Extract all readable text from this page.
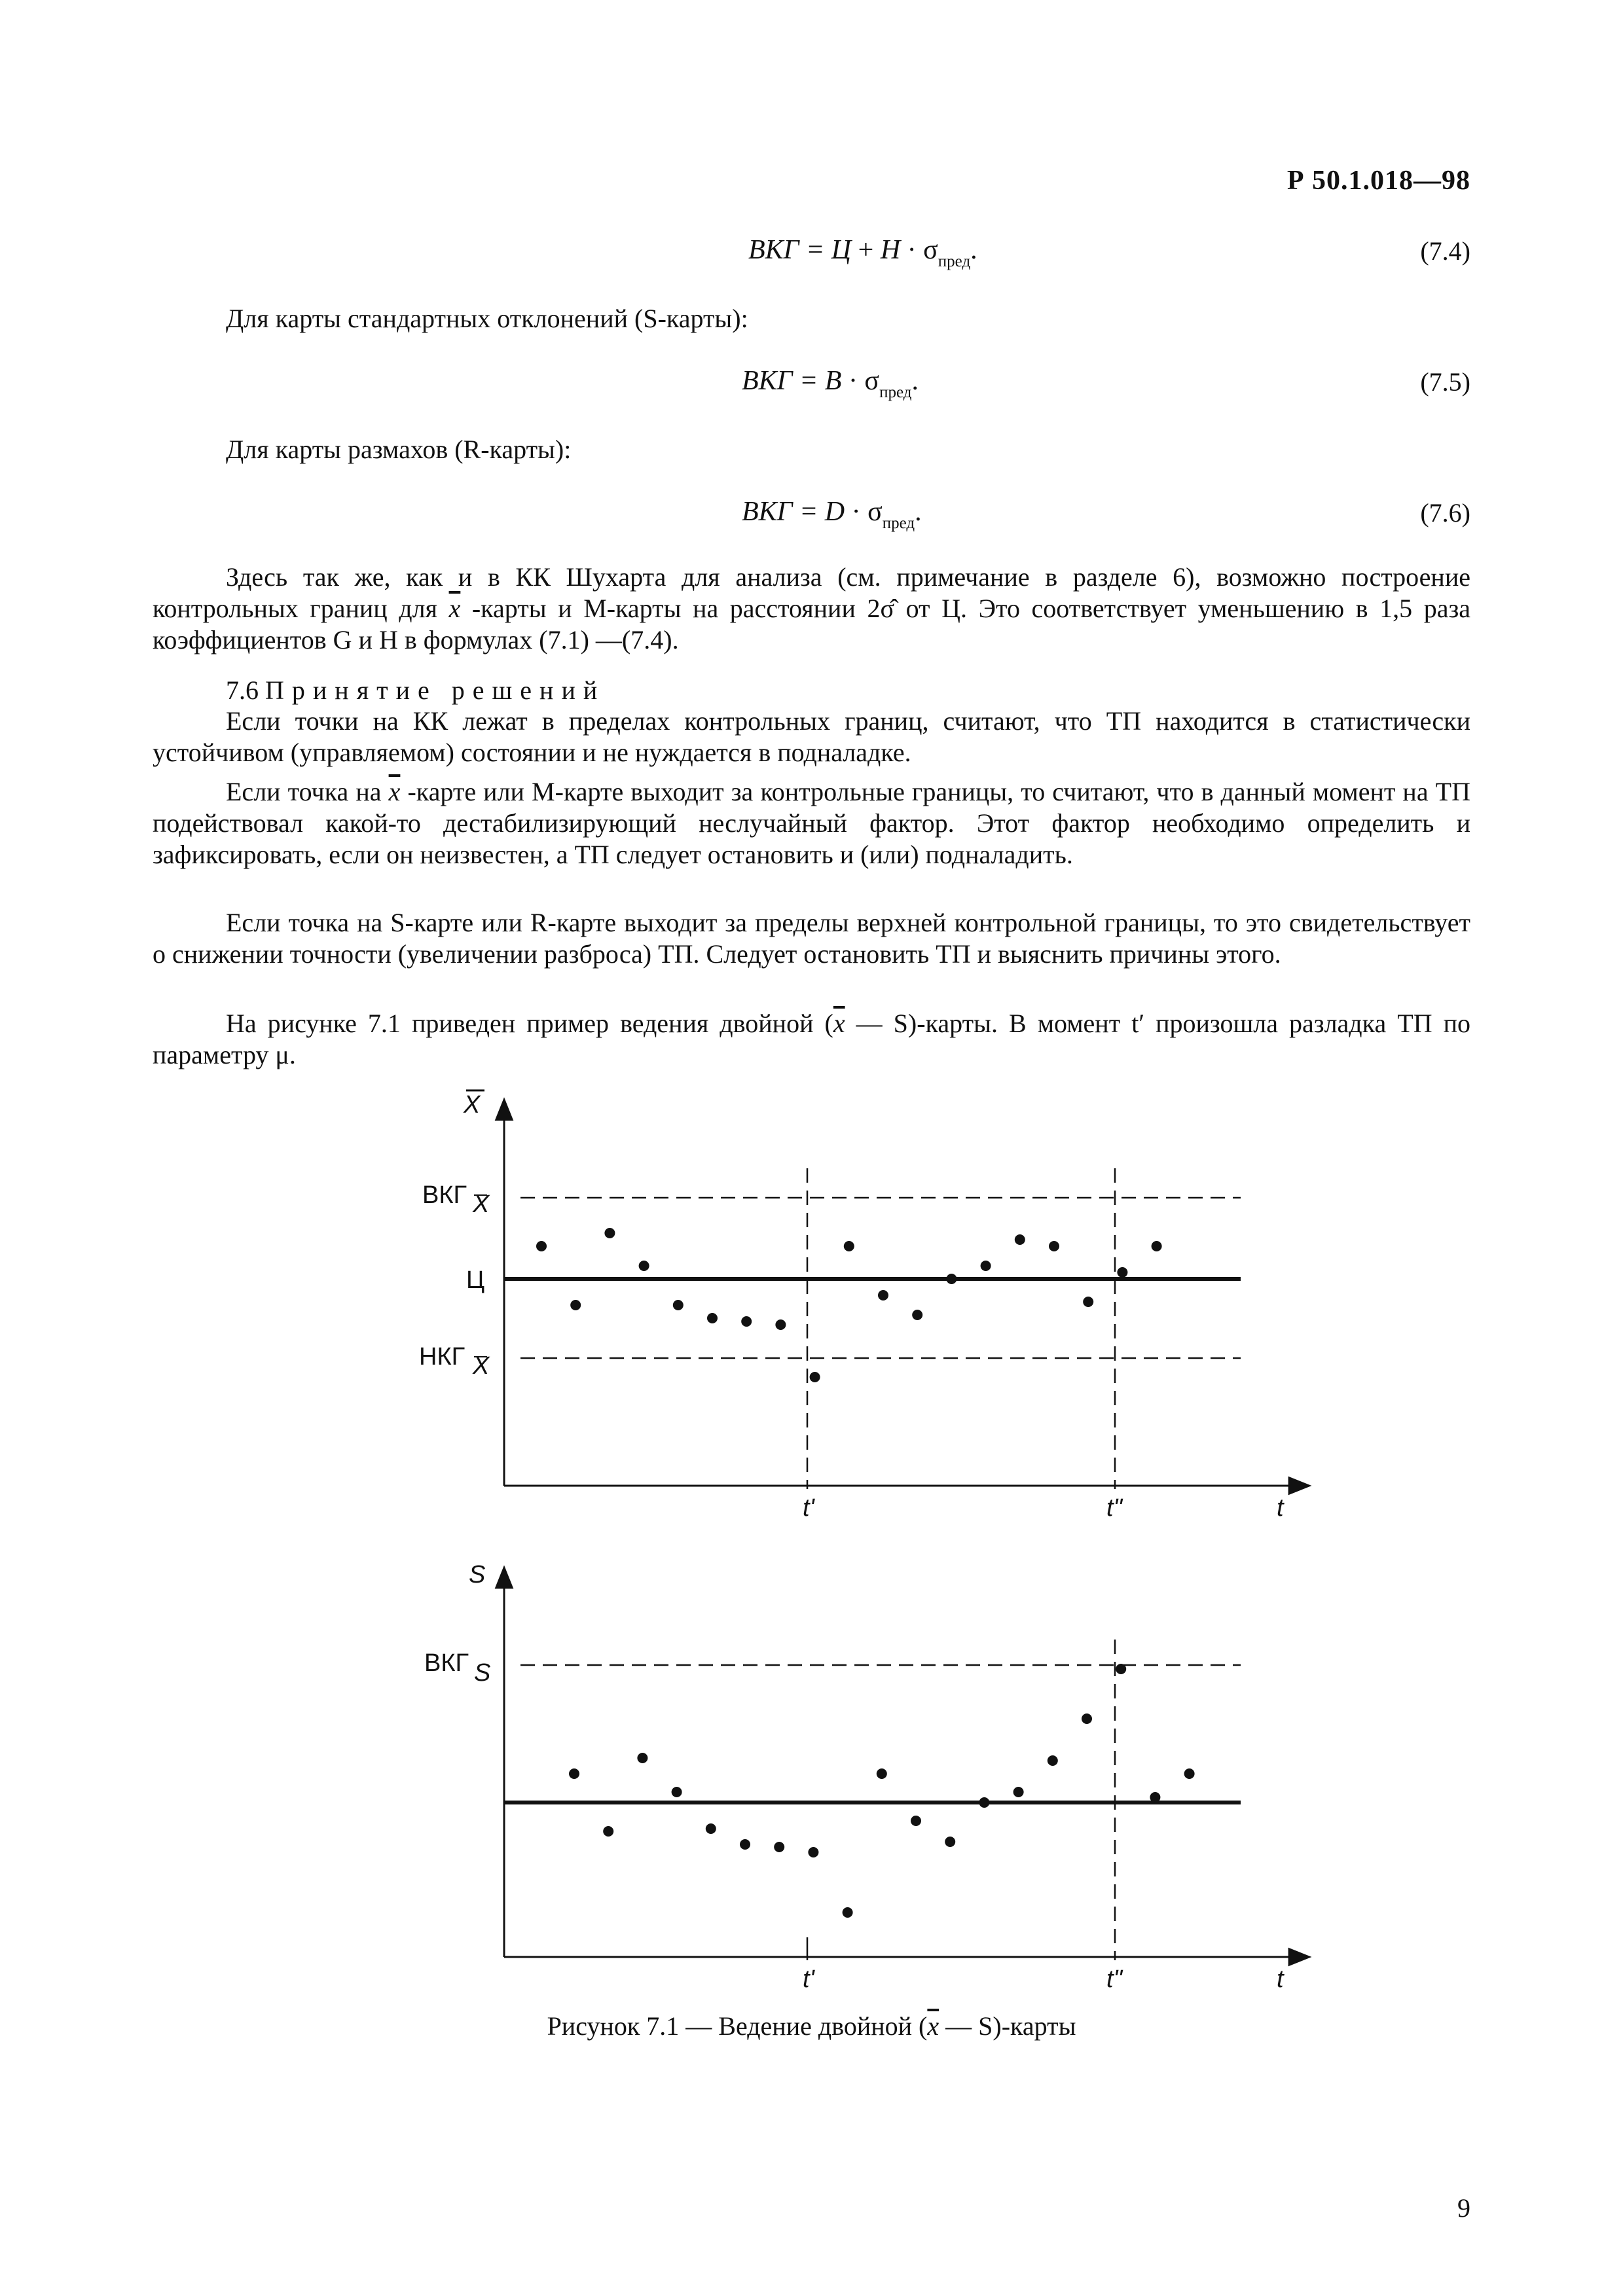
Р 50.1.018—98
ВКГ = $Ц + H \cdot \sigma_{пред}$.	(7.4)
Для карты стандартных отклонений (S-карты):
ВКГ = $B \cdot \sigma_{пред}$.	(7.5)
Для карты размахов (R-карты):
ВКГ = $D \cdot \sigma_{пред}$.	(7.6)
Здесь так же, как и в КК Шухарта для анализа (см. примечание в разделе 6), возможно построение контрольных границ для $\overline{x}$ -карты и М-карты на расстоянии 2σ̂ от Ц. Это соответствует уменьшению в 1,5 раза коэффициентов G и H в формулах (7.1) —(7.4).
7.6 Принятие решений
Если точки на КК лежат в пределах контрольных границ, считают, что ТП находится в статистически устойчивом (управляемом) состоянии и не нуждается в подналадке.
Если точка на $\overline{x}$ -карте или М-карте выходит за контрольные границы, то считают, что в данный момент на ТП подействовал какой-то дестабилизирующий неслучайный фактор. Этот фактор необходимо определить и зафиксировать, если он неизвестен, а ТП следует остановить и (или) подналадить.
Если точка на S-карте или R-карте выходит за пределы верхней контрольной границы, то это свидетельствует о снижении точности (увеличении разброса) ТП. Следует остановить ТП и выяснить причины этого.
На рисунке 7.1 приведен пример ведения двойной ($\overline{x}$ — S)-карты. В момент t′ произошла разладка ТП по параметру μ.
X
ВКГ X
Ц
НКГ X
t'	t"	t
S
ВКГ S
t'	t"	t
Рисунок 7.1 — Ведение двойной ($\overline{x}$ — S)-карты
9
